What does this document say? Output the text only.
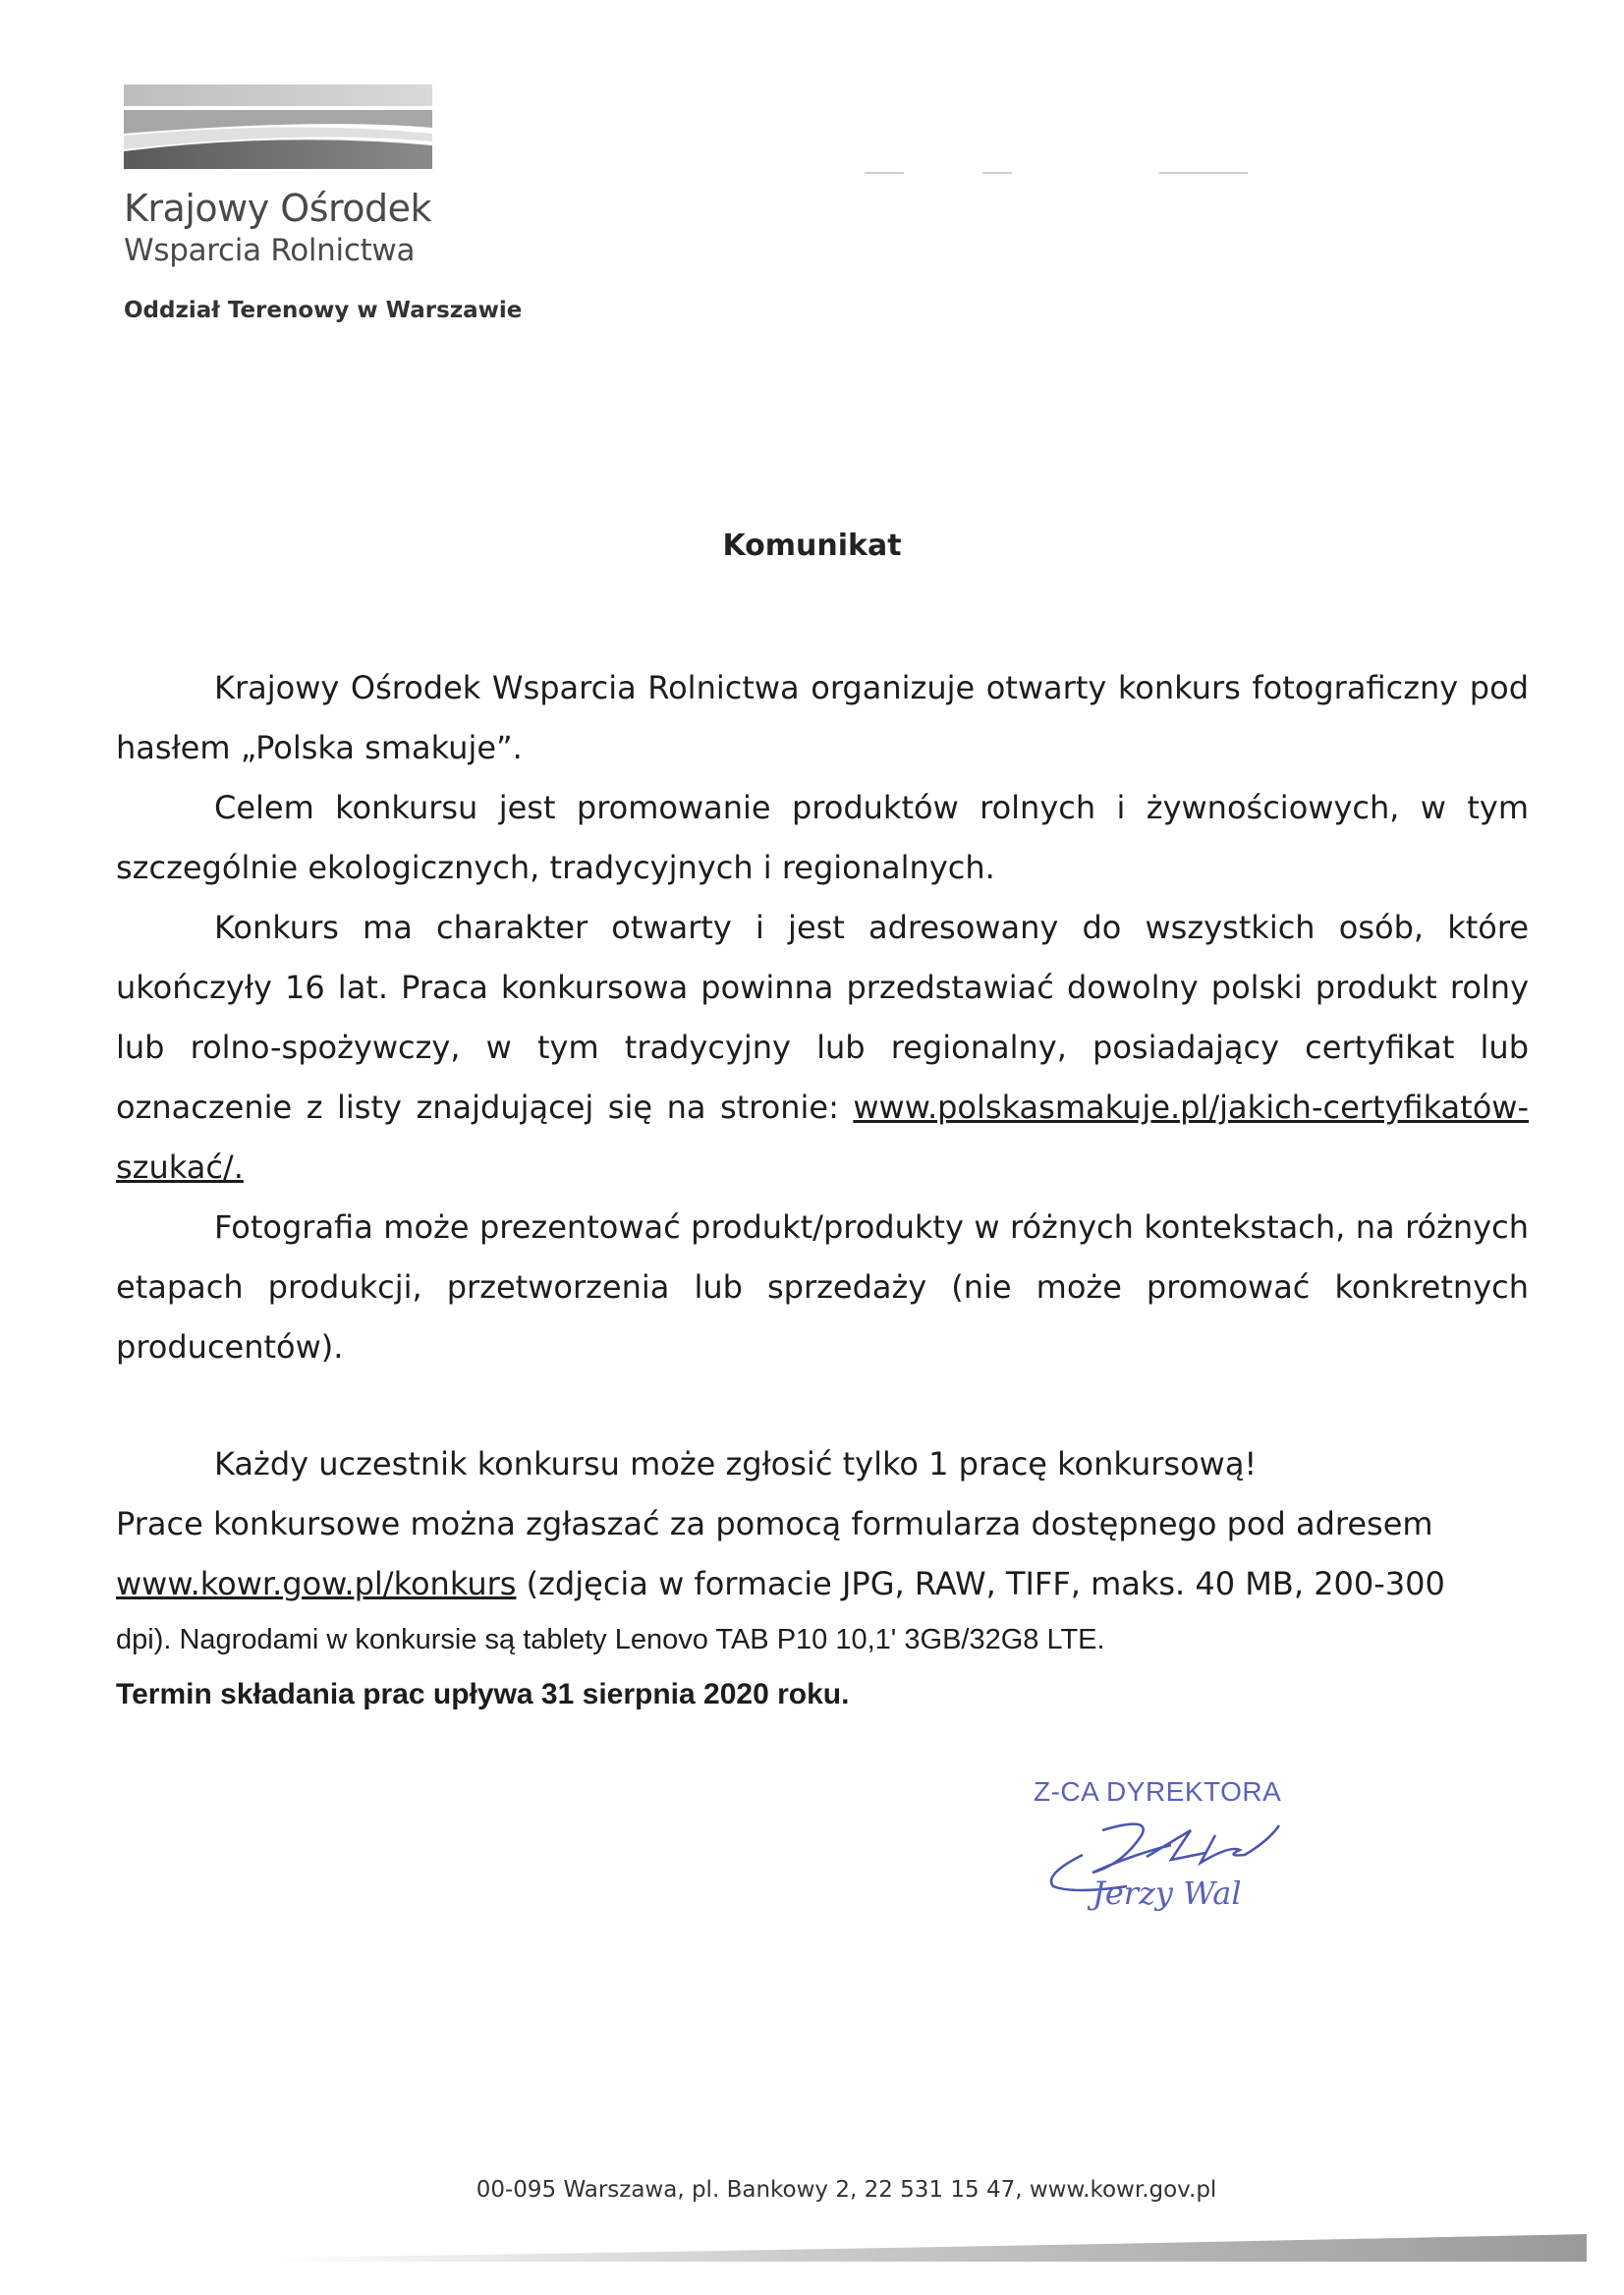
Krajowy Ośrodek
Wsparcia Rolnictwa
Oddział Terenowy w Warszawie
Komunikat

Krajowy Ośrodek Wsparcia Rolnictwa organizuje otwarty konkurs fotograficzny pod hasłem „Polska smakuje”.

Celem konkursu jest promowanie produktów rolnych i żywnościowych, w tym szczególnie ekologicznych, tradycyjnych i regionalnych.

Konkurs ma charakter otwarty i jest adresowany do wszystkich osób, które ukończyły 16 lat. Praca konkursowa powinna przedstawiać dowolny polski produkt rolny lub rolno-spożywczy, w tym tradycyjny lub regionalny, posiadający certyfikat lub oznaczenie z listy znajdującej się na stronie: www.polskasmakuje.pl/jakich-certyfikatów-szukać/.

Fotografia może prezentować produkt/produkty w różnych kontekstach, na różnych etapach produkcji, przetworzenia lub sprzedaży (nie może promować konkretnych producentów).

Każdy uczestnik konkursu może zgłosić tylko 1 pracę konkursową!

Prace konkursowe można zgłaszać za pomocą formularza dostępnego pod adresem

www.kowr.gow.pl/konkurs (zdjęcia w formacie JPG, RAW, TIFF, maks. 40 MB, 200-300

dpi). Nagrodami w konkursie są tablety Lenovo TAB P10 10,1' 3GB/32G8 LTE.

Termin składania prac upływa 31 sierpnia 2020 roku.

Z-CA DYREKTORA
Jerzy Wal
00-095 Warszawa, pl. Bankowy 2, 22 531 15 47, www.kowr.gov.pl
